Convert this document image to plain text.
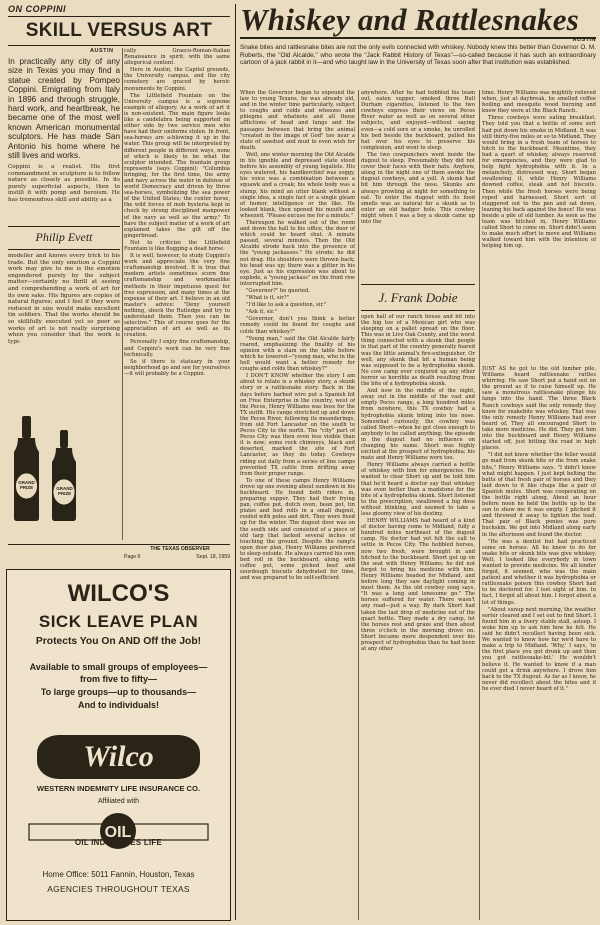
ON COPPINI
SKILL VERSUS ART Whiskey and Rattlesnakes
AUSTIN
AUSTIN
In practically any city of any size in Texas you may find a statue created by Pompeo Coppini. Emigrating from Italy in 1896 and through struggle, hard work, and heartbreak, he became one of the most well known American monumental sculptors. He has made San Antonio his home where he still lives and works.
Coppini is a realist. His first commandment in sculpture is to follow nature as closely as possible. In its purely superficial aspects, then to instill it with pomp and heroism. He has tremendous skill and ability as a
Philip Evett
modeller and knows every trick to his trade. But the only emotion a Coppini work may give to me is the emotion engendered purely by the subject matter—certainly no thrill at seeing and comprehending a work of art for its own sake. His figures are copies of natural figures; and I feel if they were reduced in size would make excellent tin soldiers. That the works should be so skillfully executed yet so poor as works of art is not really surprising when you consider that the work is typi-
GRAND PRIZE	GRAND PRIZE

cally Graeco-Roman-Italian Renaissance in spirit, with the same allegorical content.

Here in Austin, the Capitol grounds, the University campus, and the city cemetery are graced by heroic monuments by Coppini.

The Littlefield Fountain on the University campus is a supreme example of allegory. As a work of art it is non-existent. The main figure looks like a candelabra being supported on either side by two service men who have had their uniforms stolen. In front, sea-horses are a-blowing it up in the water. This group will be interpreted by different people in different ways, none of which is likely to be what the sculptor intended. The fountain group represents (says Coppini): "Columbia bringing, for the first time, the army and navy across the water in defense of world Democracy and driven by three sea-horses, symbolizing the sea power of the United States; the center horse, the wild forces of mob hysteria kept in check by strong disciplined manpower of the navy as well as the army." To have the subject matter of a work of art explained takes the gilt off the gingerbread.

Not to criticize the Littlefield Fountain is like flogging a dead horse.

It is well, however, to study Coppini's work and appreciate the very fine craftsmanship involved. It is true that modern artists sometimes scorn fine craftsmanship and workmanlike methods in their impetuous quest for free expression, and many times at the expense of their art. I believe in an old master's advice: "Deny yourself nothing, shock the Rutledge and try to understand them. Then you can be selective." This of course goes for the appreciation of art as well as its creation.

Personally I enjoy fine craftsmanship, and Coppini's work can be very fine technically.

So if there is statuary in your neighborhood go and see for yourselves—it will probably be a Coppini.

THE TEXAS OBSERVER
Page 6	Sept. 18, 1959
WILCO'S
SICK LEAVE PLAN
Protects You On AND Off the Job!
Available to small groups of employees—
from five to fifty—
To large groups—up to thousands—
And to individuals!
Wilco
WESTERN INDEMNITY LIFE INSURANCE CO.
Affiliated with
OIL
OIL INDUSTRIES LIFE
Home Office: 5011 Fannin, Houston, Texas
AGENCIES THROUGHOUT TEXAS
Snake bites and rattlesnake bites are not the only evils connected with whiskey. Nobody knew this better than Governor O. M. Roberts, the "Old Alcalde," who wrote the "Jack Rabbit History of Texas"—so-called because it has such an extraordinary cartoon of a jack rabbit in it—and who taught law in the University of Texas soon after that institution was established.

When the Governor began to expound the law to young Texans, he was already old, and in the winter time particularly, subject to coughs and colds and wheezes and phlegms and whatnots and all those afflictions of head and lungs and the passages between that bring the animal "created in the image of God" too near a state of sawdust and mud to even wish for death.

Well, one winter morning the Old Alcalde in his ignoble and depressed state stood before his assembly of young legalists. His eyes watered, his handkerchief was soggy, his voice was a combination between a squawk and a croak; his whole body was a slump, his mind an utter blank without a single idea, a single fact or a single gleam of humor, intelligence or the like. He looked blank, then opened his mouth and wheezed, "Please excuse me for a minute."

Thereupon he walked out of the room and down the hall to his office, the door of which could be heard shut. A minute passed, several minutes. Then the Old Alcalde strode back into the presence of the "young jackasses." He strode; he did not drag. His shoulders were thrown back; his head was up; there was a glitter in his eye. Just as his expression was about to explode, a "young jackass" on the front row interrupted him.

"Governor?" he queried.

"What is it, sir?"

"I'd like to ask a question, sir."

"Ask it, sir."

"Governor, don't you think a better remedy could be found for coughs and colds than whiskey?"

"Young man," said the Old Alcalde fairly roared, emphasizing the finality of his opinion with a slam on the table before which he towered—"young man, who in the hell would want a better remedy for coughs and colds than whiskey?"

I DON'T KNOW whether the story I am about to relate is a whiskey story, a skunk story or a rattlesnake story. Back in the days before barbed wire put a Spanish bit on Free Enterprise in the country, west of the Pecos, Henry Williams was boss for the TX outfit. His range stretched up and down the Pecos River, following its meanderings, from old Fort Lancaster on the south to Pecos City to the north. The "city" part of Pecos City was then even less visible than it is now; some rock chimneys, black and deserted, marked the site of Fort Lancaster, as they do today. Cowboys riding out daily from a series of line camps prevented TX cattle from drifting away from their proper range.

To one of these camps Henry Williams drove up one evening about sundown in his buckboard. He found both riders in, preparing supper. They had their frying pan, coffee pot, dutch oven, bean pot, tin plates and bed rolls in a small dugout, roofed with poles and dirt. They were fixed up for the winter. The dugout door was on the south side and consisted of a piece of old tarp that lacked several inches of touching the ground. Despite the ramp's open door plan, Henry Williams preferred to sleep outside. He always carried his own bed roll in the buckboard, along with coffee pot, some picked beef and sourdough biscuits dehydrated for time, and was prepared to be self-sufficient

anywhere. After he had hobbled his team out, eaten supper, smoked three Bull Durham cigarettes, listened to the two cowboys express their views on Pecos River water as well as on several other subjects, and enjoyed—without saying even—a cold sore or a smoke, he unrolled his bed beside the buckboard, pulled his hat over his eyes to preserve his complexion, and went to sleep.

The two cowpunchers went inside the dugout to sleep. Presumably they did not cover their faces with their hats. Anyhow, along in the night one of them awoke the dugout cowboys, and a yell. A skunk had bit him through the nose. Skunks are always prowling at night for something to eat. To enter the dugout with its food smells was as natural for a skunk as to enter an old badger hole. This cowboy might when I was a boy a skunk came up into the

J. Frank Dobie

open hall of our ranch house and bit into the big toe of a Mexican girl who was sleeping on a pallet spread on the floor. This was in Live Oak County, and the worst thing connected with a skunk that people in that part of the country generally feared was the little animal's fire-extinguisher. Or well, any skunk that bit a human being was supposed to be a hydrophobia skunk. No cow camp ever conjured up any other horror so horrible as death resulting from the bite of a hydrophobia skunk.

And now in the middle of the night, away out in the middle of the vast and empty Pecos range, a long hundred miles from nowhere, this TX cowboy had a hydrophobia skunk biting into his nose. Somewhat curiously, the cowboy was called Short—when he got close enough to anybody to be called anything; the episode in the dugout had no influence on changing his name. Short was highly excited at the prospect of hydrophobia; his mate and Henry Williams were too.

Henry Williams always carried a bottle of whiskey with him for emergencies. He wanted to clear Short up and he told him that he'd heard a doctor say that whiskey was even better than a madstone for the bite of a hydrophobia skunk. Short listened to the prescription, swallowed a big dose without blinking, and seemed to take a less gloomy view of his destiny.

HENRY WILLIAMS had heard of a kind of doctor having come to Midland, fully a hundred miles northeast of the dugout camp. No doctor had yet felt the call to settle in Pecos City. The hobbled horses, now two fresh, were brought in and hitched to the buckboard. Short got up on the seat with Henry Williams; he did not forget to bring his medicine with him. Henry Williams headed for Midland, and before long they saw daylight coming in most them. As the old cowboy song says, "It was a long and lonesome go." The horses suffered for water. There wasn't any road—just a way. By dark Short had taken the last drop of medicine out of the quart bottle. They made a dry camp, let the horses rest and graze and then about three o'clock in the morning drove on. Short became more despondent over his prospect of hydrophobia than he had been at any other

time. Henry Williams was mightily relieved when, just at daybreak, he smelled coffee boiling and mesquite wood burning and knew they were at the Black Ranch.

Three cowboys were eating breakfast. They told you that a bottle of some sort had put down his smoke in Midland. It was still thirty-five miles or so to Midland. They would bring in a fresh team of horses to hitch to the buckboard. Meantime, they had a quart of whiskey, always reserved for emergencies, and they were glad to help fight hydrophobia with it. In a melancholy, distressed way, Short began swallowing it, while Henry Williams downed coffee, steak and hot biscuits. Then while the fresh horses were being roped and harnessed, Short sort of staggered out to the pen and sat down, leaning his back against the fence! He was beside a pile of old lumber. As soon as the team was hitched in, Henry Williams called Short to come on. Short didn't seem to make much effort to move and Williams walked toward him with the intention of helping him up.

JUST AS he got to the old lumber pile, Williams heard rattlesnake rattles whirring. He saw Short put a hand out on the ground as if to raise himself up. He saw a monstrous rattlesnake plunge his fangs into the hand. The three Black Ranch cowboys said the only remedy they knew for snakebite was whiskey. That was the only remedy Henry Williams had ever heard of. They all encouraged Short to take more medicine. He did. They got him into the buckboard and Henry Williams started off, just hitting the road in high places.

"I did not know whether the feller would go mad from skunk bite or die from snake bite," Henry Williams says. "I didn't know what might happen. I just kept belting the butts of that fresh pair of horses and they laid down to it like chaps like a pair of Spanish mules. Short was cooperating on the bottle right along. About an hour before noon he held the bottle up to the sun to show me it was empty. I pitched it and throwed it away to lighten the load. That pair of Black ponies was pure buckskin. We got into Midland along early in the afternoon and found the doctor.

"He was a dentist but had practiced some on horses. All he knew to do for snake bite or skunk bite was give whiskey. Well, I looked like everybody in town wanted to provide medicine. We all kinder forgot, it seemed, who was the main patient and whether it was hydrophobia or rattlesnake poison this cowboy Short had to be doctored for. I lost sight of him. In fact, I forgot all about him. I forgot about a lot of things.

"About sunup next morning, the weather sorter cleared and I set out to find Short. I found him in a livery stable stall, asleep. I woke him up to ask him how he felt. He said he didn't recollect having been sick. We wanted to know how far we'd have to make a trip to Midland. 'Why,' I says, 'in the first place you got drunk up and then you got rattlesnake-bit.' He wouldn't believe it. He wanted to know if a man could get a drink anywhere. I drove him back to the TX dugout. As far as I know, he never did recollect about the bites and if he ever died I never heard of it."
